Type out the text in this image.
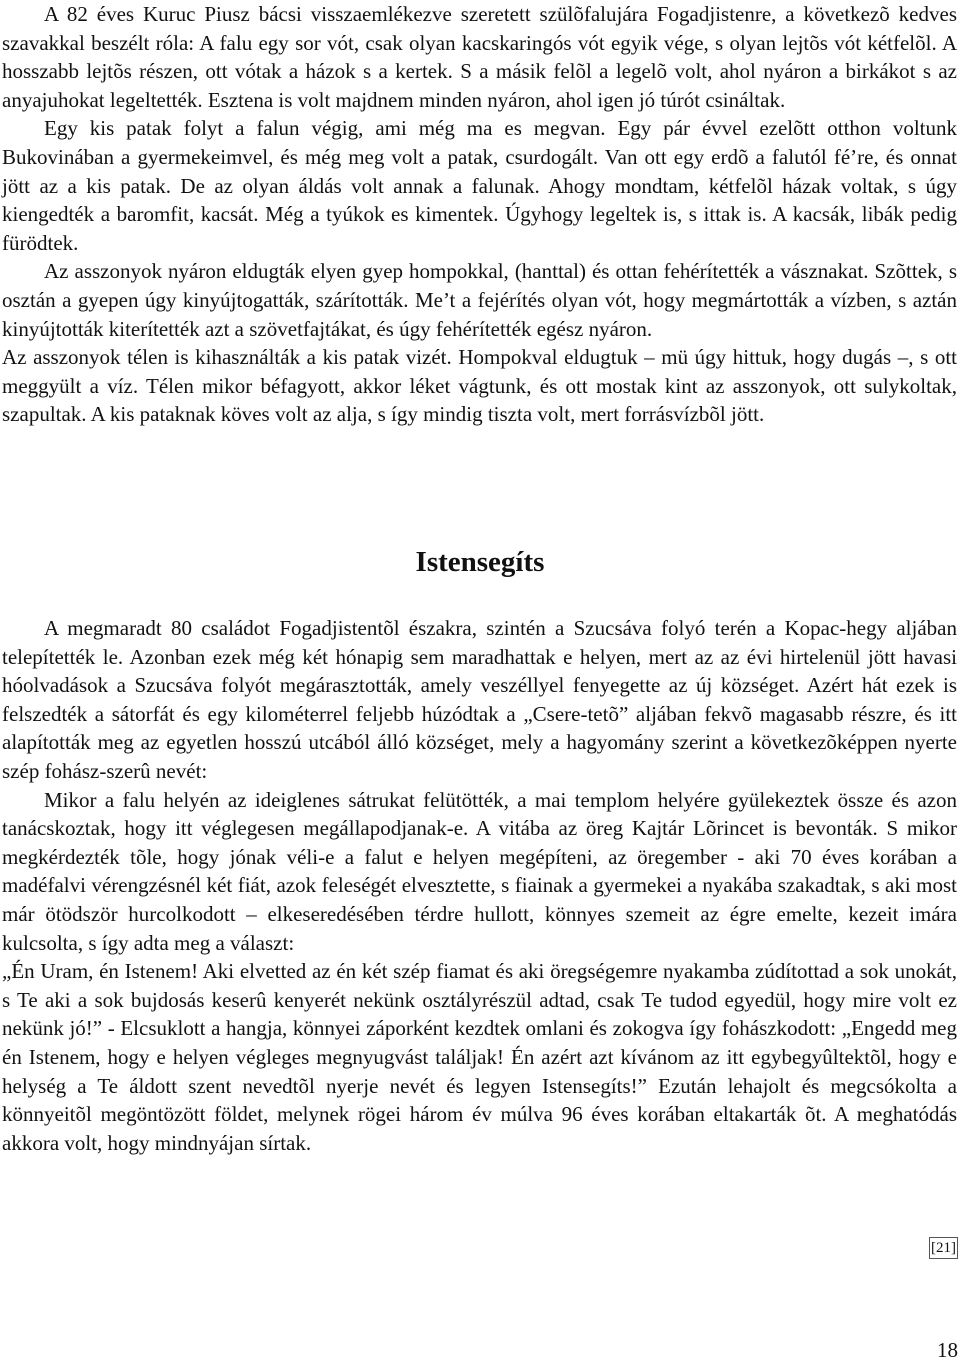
A 82 éves Kuruc Piusz bácsi visszaemlékezve szeretett szülõfalujára Fogadjistenre, a következõ kedves szavakkal beszélt róla: A falu egy sor vót, csak olyan kacskaringós vót egyik vége, s olyan lejtõs vót kétfelõl. A hosszabb lejtõs részen, ott vótak a házok s a kertek. S a másik felõl a legelõ volt, ahol nyáron a birkákot s az anyajuhokat legeltették. Esztena is volt majdnem minden nyáron, ahol igen jó túrót csináltak.

Egy kis patak folyt a falun végig, ami még ma es megvan. Egy pár évvel ezelõtt otthon voltunk Bukovinában a gyermekeimvel, és még meg volt a patak, csurdogált. Van ott egy erdõ a falutól fé’re, és onnat jött az a kis patak. De az olyan áldás volt annak a falunak. Ahogy mondtam, kétfelõl házak voltak, s úgy kiengedték a baromfit, kacsát. Még a tyúkok es kimentek. Úgyhogy legeltek is, s ittak is. A kacsák, libák pedig fürödtek.

Az asszonyok nyáron eldugták elyen gyep hompokkal, (hanttal) és ottan fehérítették a vásznakat. Szõttek, s osztán a gyepen úgy kinyújtogatták, szárították. Me’t a fejérítés olyan vót, hogy megmártották a vízben, s aztán kinyújtották kiterítették azt a szövetfajtákat, és úgy fehérítették egész nyáron.

Az asszonyok télen is kihasználták a kis patak vizét. Hompokval eldugtuk – mü úgy hittuk, hogy dugás –, s ott meggyült a víz. Télen mikor béfagyott, akkor léket vágtunk, és ott mostak kint az asszonyok, ott sulykoltak, szapultak. A kis pataknak köves volt az alja, s így mindig tiszta volt, mert forrásvízbõl jött.

Istensegíts

A megmaradt 80 családot Fogadjistentõl északra, szintén a Szucsáva folyó terén a Kopac-hegy aljában telepítették le. Azonban ezek még két hónapig sem maradhattak e helyen, mert az az évi hirtelenül jött havasi hóolvadások a Szucsáva folyót megárasztották, amely veszéllyel fenyegette az új községet. Azért hát ezek is felszedték a sátorfát és egy kilométerrel feljebb húzódtak a „Csere-tetõ” aljában fekvõ magasabb részre, és itt alapították meg az egyetlen hosszú utcából álló községet, mely a hagyomány szerint a következõképpen nyerte szép fohász-szerû nevét:

Mikor a falu helyén az ideiglenes sátrukat felütötték, a mai templom helyére gyülekeztek össze és azon tanácskoztak, hogy itt véglegesen megállapodjanak-e. A vitába az öreg Kajtár Lõrincet is bevonták. S mikor megkérdezték tõle, hogy jónak véli-e a falut e helyen megépíteni, az öregember - aki 70 éves korában a madéfalvi vérengzésnél két fiát, azok feleségét elvesztette, s fiainak a gyermekei a nyakába szakadtak, s aki most már ötödször hurcolkodott – elkeseredésében térdre hullott, könnyes szemeit az égre emelte, kezeit imára kulcsolta, s így adta meg a választ:

„Én Uram, én Istenem! Aki elvetted az én két szép fiamat és aki öregségemre nyakamba zúdítottad a sok unokát, s Te aki a sok bujdosás keserû kenyerét nekünk osztályrészül adtad, csak Te tudod egyedül, hogy mire volt ez nekünk jó!” - Elcsuklott a hangja, könnyei záporként kezdtek omlani és zokogva így fohászkodott: „Engedd meg én Istenem, hogy e helyen végleges megnyugvást találjak! Én azért azt kívánom az itt egybegyûltektõl, hogy e helység a Te áldott szent nevedtõl nyerje nevét és legyen Istensegíts!” Ezután lehajolt és megcsókolta a könnyeitõl megöntözött földet, melynek rögei három év múlva 96 éves korában eltakarták õt. A meghatódás akkora volt, hogy mindnyájan sírtak.

[21]
18
